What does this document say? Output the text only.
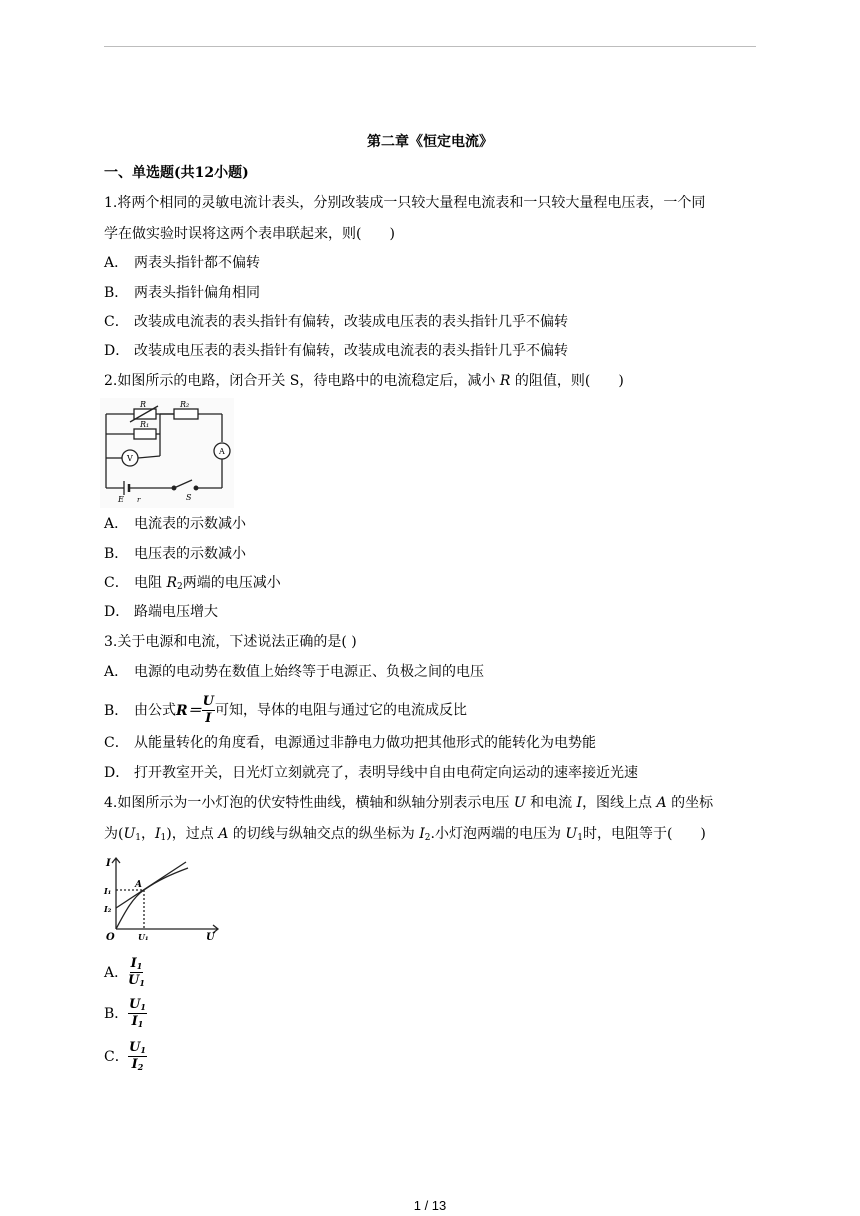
第二章《恒定电流》
一、单选题(共12小题)
1.将两个相同的灵敏电流计表头，分别改装成一只较大量程电流表和一只较大量程电压表，一个同
学在做实验时误将这两个表串联起来，则(　　)
A． 两表头指针都不偏转
B． 两表头指针偏角相同
C． 改装成电流表的表头指针有偏转，改装成电压表的表头指针几乎不偏转
D． 改装成电压表的表头指针有偏转，改装成电流表的表头指针几乎不偏转
2.如图所示的电路，闭合开关 S，待电路中的电流稳定后，减小 R 的阻值，则(　　)
R
R₁
R₂
V
A
E r	S
A． 电流表的示数减小
B． 电压表的示数减小
C． 电阻 $R_2$两端的电压减小
D． 路端电压增大
3.关于电源和电流，下述说法正确的是( )
A． 电源的电动势在数值上始终等于电源正、负极之间的电压
B． 由公式 $R= \frac{U}{I}$ 可知，导体的电阻与通过它的电流成反比
C． 从能量转化的角度看，电源通过非静电力做功把其他形式的能转化为电势能
D． 打开教室开关，日光灯立刻就亮了，表明导线中自由电荷定向运动的速率接近光速
4.如图所示为一小灯泡的伏安特性曲线，横轴和纵轴分别表示电压 U 和电流 I，图线上点 A 的坐标
为($U_1$，$I_1$)，过点 A 的切线与纵轴交点的纵坐标为 $I_2$.小灯泡两端的电压为 $U_1$时，电阻等于(　　)
I
U
O
A
I₁
I₂
U₁
A． $\frac{I_1}{U_1}$
B． $\frac{U_1}{I_1}$
C． $\frac{U_1}{I_2}$
1 / 13
